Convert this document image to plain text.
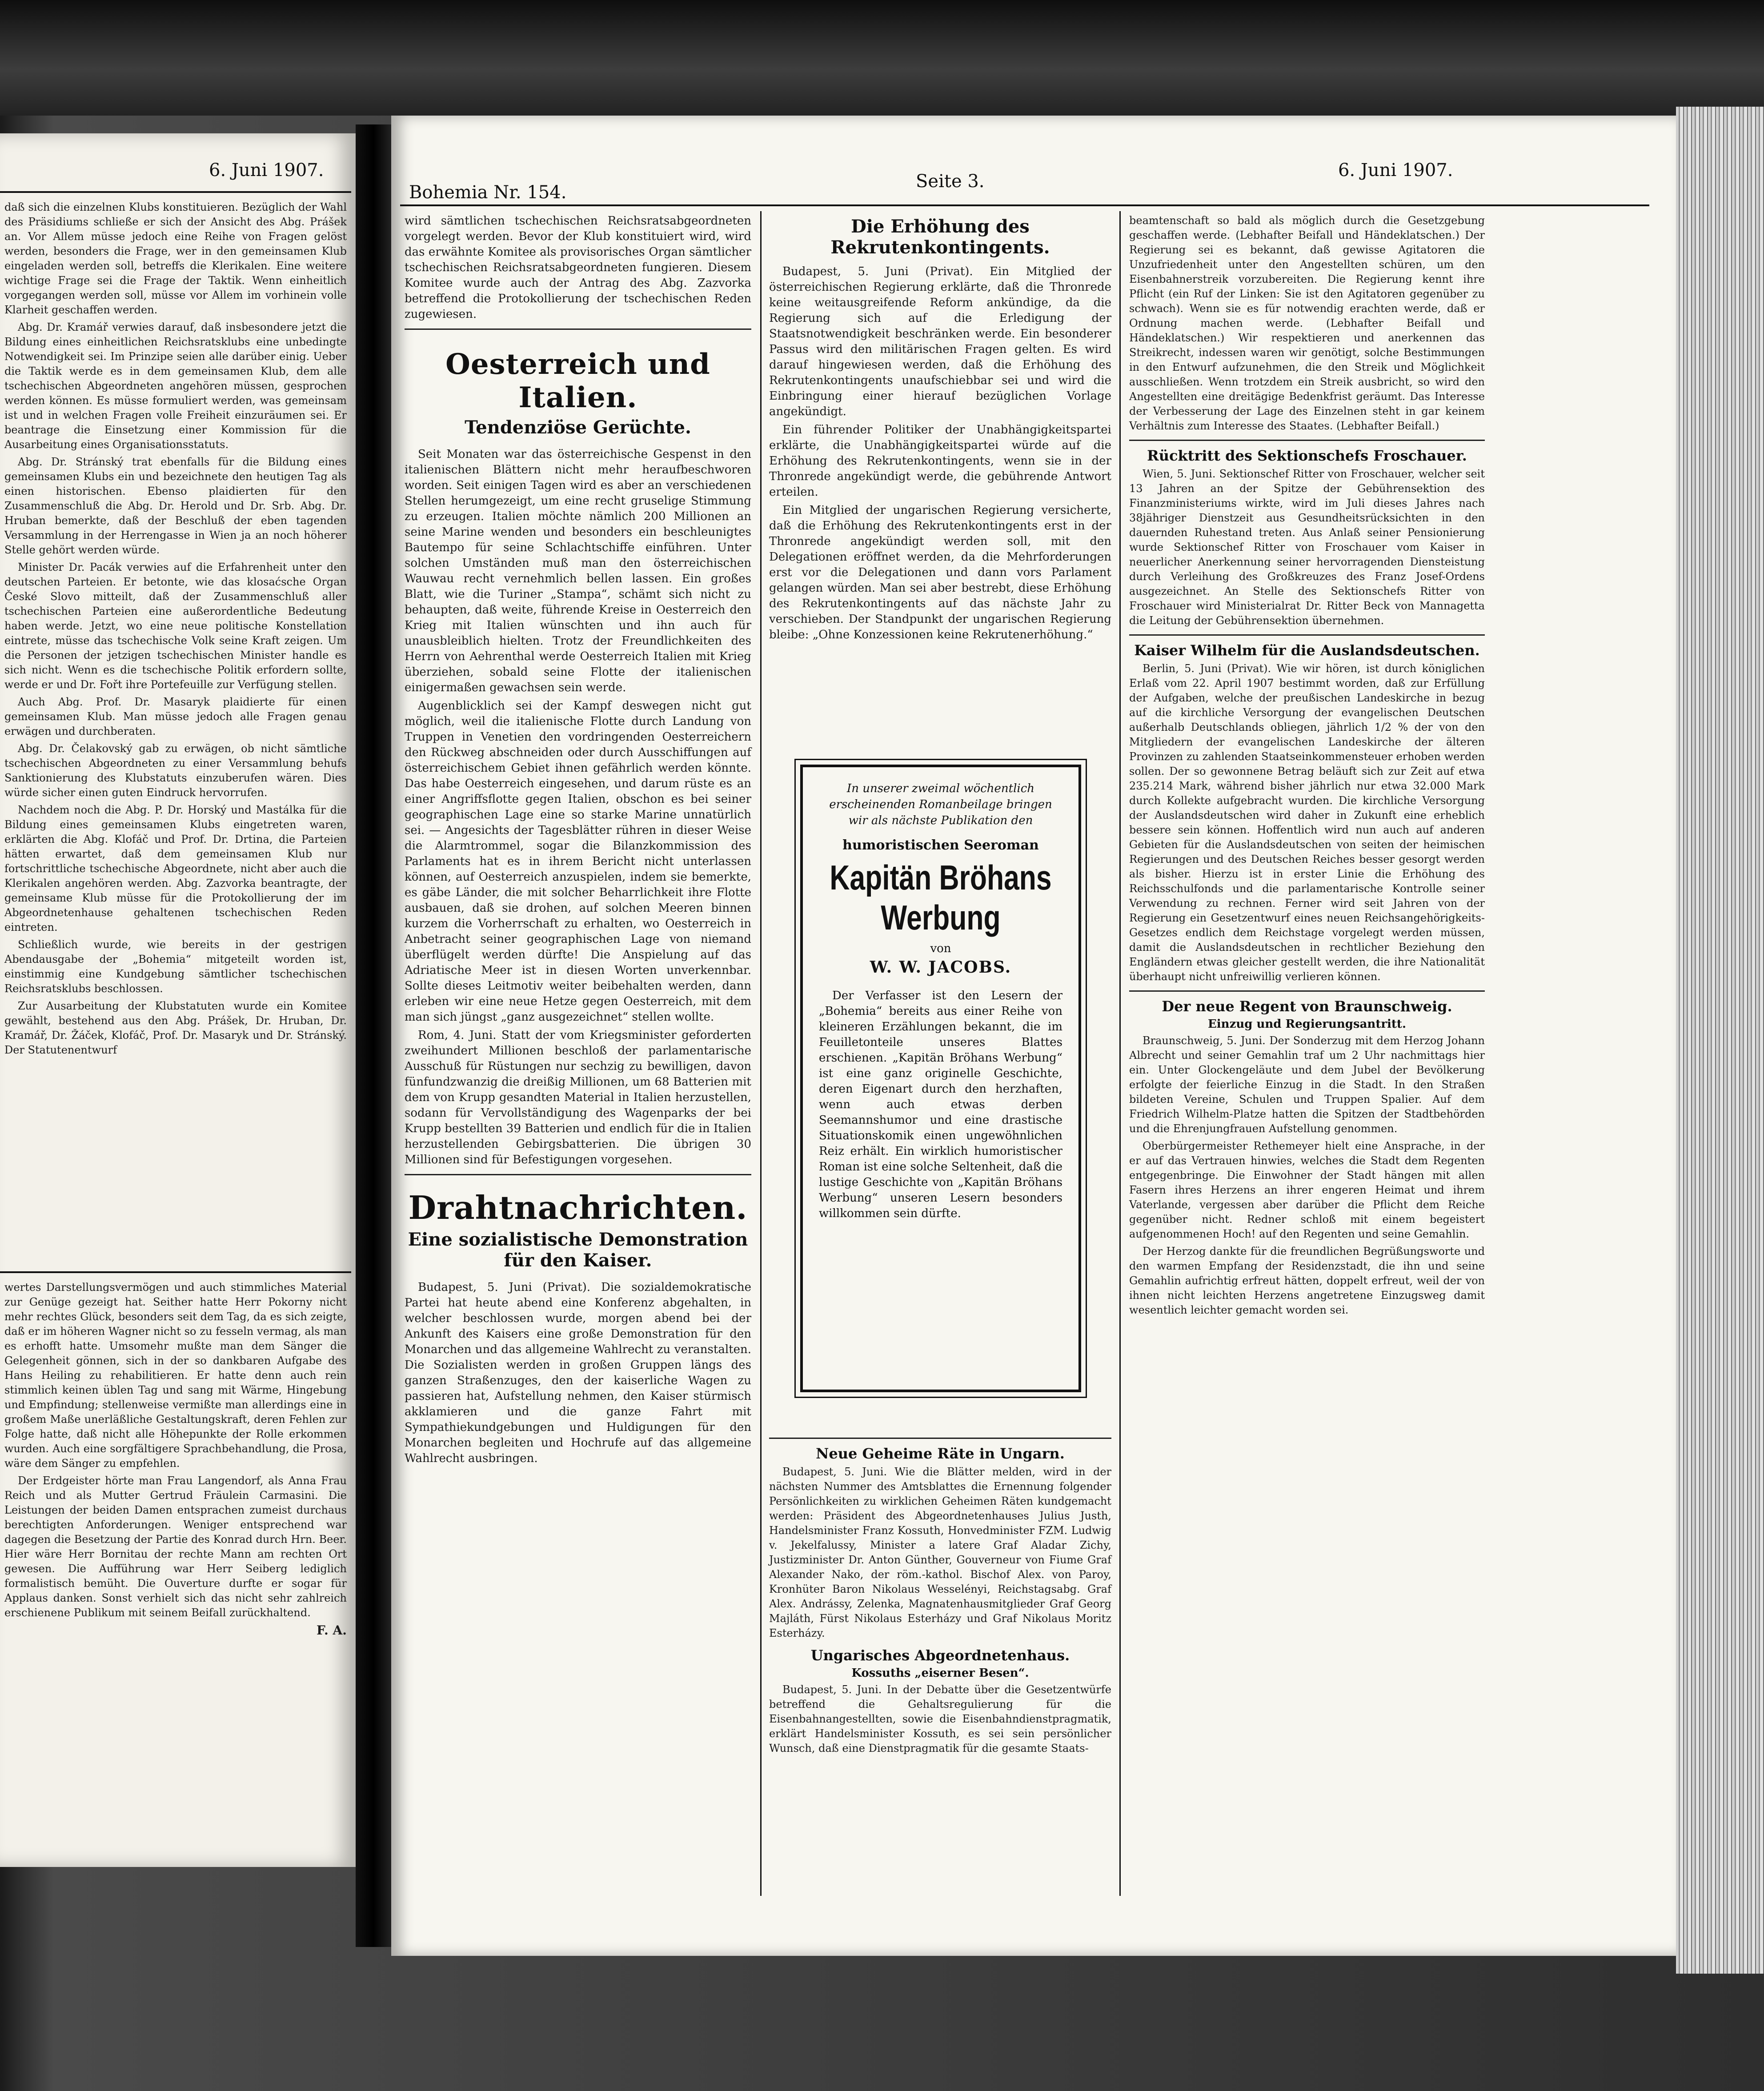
6. Juni 1907.

daß sich die einzelnen Klubs konstituieren. Bezüglich der Wahl des Präsidiums schließe er sich der Ansicht des Abg. Prášek an. Vor Allem müsse jedoch eine Reihe von Fragen gelöst werden, besonders die Frage, wer in den gemeinsamen Klub eingeladen werden soll, betreffs die Klerikalen. Eine weitere wichtige Frage sei die Frage der Taktik. Wenn einheitlich vorgegangen werden soll, müsse vor Allem im vorhinein volle Klarheit geschaffen werden.

Abg. Dr. Kramář verwies darauf, daß insbesondere jetzt die Bildung eines einheitlichen Reichsratsklubs eine unbedingte Notwendigkeit sei. Im Prinzipe seien alle darüber einig. Ueber die Taktik werde es in dem gemeinsamen Klub, dem alle tschechischen Abgeordneten angehören müssen, gesprochen werden können. Es müsse formuliert werden, was gemeinsam ist und in welchen Fragen volle Freiheit einzuräumen sei. Er beantrage die Einsetzung einer Kommission für die Ausarbeitung eines Organisationsstatuts.

Abg. Dr. Stránský trat ebenfalls für die Bildung eines gemeinsamen Klubs ein und bezeichnete den heutigen Tag als einen historischen. Ebenso plaidierten für den Zusammenschluß die Abg. Dr. Herold und Dr. Srb. Abg. Dr. Hruban bemerkte, daß der Beschluß der eben tagenden Versammlung in der Herrengasse in Wien ja an noch höherer Stelle gehört werden würde.

Minister Dr. Pacák verwies auf die Erfahrenheit unter den deutschen Parteien. Er betonte, wie das klosaćsche Organ České Slovo mitteilt, daß der Zusammenschluß aller tschechischen Parteien eine außerordentliche Bedeutung haben werde. Jetzt, wo eine neue politische Konstellation eintrete, müsse das tschechische Volk seine Kraft zeigen. Um die Personen der jetzigen tschechischen Minister handle es sich nicht. Wenn es die tschechische Politik erfordern sollte, werde er und Dr. Fořt ihre Portefeuille zur Verfügung stellen.

Auch Abg. Prof. Dr. Masaryk plaidierte für einen gemeinsamen Klub. Man müsse jedoch alle Fragen genau erwägen und durchberaten.

Abg. Dr. Čelakovský gab zu erwägen, ob nicht sämtliche tschechischen Abgeordneten zu einer Versammlung behufs Sanktionierung des Klubstatuts einzuberufen wären. Dies würde sicher einen guten Eindruck hervorrufen.

Nachdem noch die Abg. P. Dr. Horský und Mastálka für die Bildung eines gemeinsamen Klubs eingetreten waren, erklärten die Abg. Klofáč und Prof. Dr. Drtina, die Parteien hätten erwartet, daß dem gemeinsamen Klub nur fortschrittliche tschechische Abgeordnete, nicht aber auch die Klerikalen angehören werden. Abg. Zazvorka beantragte, der gemeinsame Klub müsse für die Protokollierung der im Abgeordnetenhause gehaltenen tschechischen Reden eintreten.

Schließlich wurde, wie bereits in der gestrigen Abendausgabe der „Bohemia“ mitgeteilt worden ist, einstimmig eine Kundgebung sämtlicher tschechischen Reichsratsklubs beschlossen.

Zur Ausarbeitung der Klubstatuten wurde ein Komitee gewählt, bestehend aus den Abg. Prášek, Dr. Hruban, Dr. Kramář, Dr. Žáček, Klofáč, Prof. Dr. Masaryk und Dr. Stránský. Der Statutenentwurf

wertes Darstellungsvermögen und auch stimmliches Material zur Genüge gezeigt hat. Seither hatte Herr Pokorny nicht mehr rechtes Glück, besonders seit dem Tag, da es sich zeigte, daß er im höheren Wagner nicht so zu fesseln vermag, als man es erhofft hatte. Umsomehr mußte man dem Sänger die Gelegenheit gönnen, sich in der so dankbaren Aufgabe des Hans Heiling zu rehabilitieren. Er hatte denn auch rein stimmlich keinen üblen Tag und sang mit Wärme, Hingebung und Empfindung; stellenweise vermißte man allerdings eine in großem Maße unerläßliche Gestaltungskraft, deren Fehlen zur Folge hatte, daß nicht alle Höhepunkte der Rolle erkommen wurden. Auch eine sorgfältigere Sprachbehandlung, die Prosa, wäre dem Sänger zu empfehlen.

Der Erdgeister hörte man Frau Langendorf, als Anna Frau Reich und als Mutter Gertrud Fräulein Carmasini. Die Leistungen der beiden Damen entsprachen zumeist durchaus berechtigten Anforderungen. Weniger entsprechend war dagegen die Besetzung der Partie des Konrad durch Hrn. Beer. Hier wäre Herr Bornitau der rechte Mann am rechten Ort gewesen. Die Aufführung war Herr Seiberg lediglich formalistisch bemüht. Die Ouverture durfte er sogar für Applaus danken. Sonst verhielt sich das nicht sehr zahlreich erschienene Publikum mit seinem Beifall zurückhaltend.

F. A.
Bohemia Nr. 154.
Seite 3.
6. Juni 1907.

wird sämtlichen tschechischen Reichsratsabgeordneten vorgelegt werden. Bevor der Klub konstituiert wird, wird das erwähnte Komitee als provisorisches Organ sämtlicher tschechischen Reichsratsabgeordneten fungieren. Diesem Komitee wurde auch der Antrag des Abg. Zazvorka betreffend die Protokollierung der tschechischen Reden zugewiesen.

Oesterreich und Italien.
Tendenziöse Gerüchte.

Seit Monaten war das österreichische Gespenst in den italienischen Blättern nicht mehr heraufbeschworen worden. Seit einigen Tagen wird es aber an verschiedenen Stellen herumgezeigt, um eine recht gruselige Stimmung zu erzeugen. Italien möchte nämlich 200 Millionen an seine Marine wenden und besonders ein beschleunigtes Bautempo für seine Schlachtschiffe einführen. Unter solchen Umständen muß man den österreichischen Wauwau recht vernehmlich bellen lassen. Ein großes Blatt, wie die Turiner „Stampa“, schämt sich nicht zu behaupten, daß weite, führende Kreise in Oesterreich den Krieg mit Italien wünschten und ihn auch für unausbleiblich hielten. Trotz der Freundlichkeiten des Herrn von Aehrenthal werde Oesterreich Italien mit Krieg überziehen, sobald seine Flotte der italienischen einigermaßen gewachsen sein werde.

Augenblicklich sei der Kampf deswegen nicht gut möglich, weil die italienische Flotte durch Landung von Truppen in Venetien den vordringenden Oesterreichern den Rückweg abschneiden oder durch Ausschiffungen auf österreichischem Gebiet ihnen gefährlich werden könnte. Das habe Oesterreich eingesehen, und darum rüste es an einer Angriffsflotte gegen Italien, obschon es bei seiner geographischen Lage eine so starke Marine unnatürlich sei. — Angesichts der Tagesblätter rühren in dieser Weise die Alarmtrommel, sogar die Bilanzkommission des Parlaments hat es in ihrem Bericht nicht unterlassen können, auf Oesterreich anzuspielen, indem sie bemerkte, es gäbe Länder, die mit solcher Beharrlichkeit ihre Flotte ausbauen, daß sie drohen, auf solchen Meeren binnen kurzem die Vorherrschaft zu erhalten, wo Oesterreich in Anbetracht seiner geographischen Lage von niemand überflügelt werden dürfte! Die Anspielung auf das Adriatische Meer ist in diesen Worten unverkennbar. Sollte dieses Leitmotiv weiter beibehalten werden, dann erleben wir eine neue Hetze gegen Oesterreich, mit dem man sich jüngst „ganz ausgezeichnet“ stellen wollte.

Rom, 4. Juni. Statt der vom Kriegsminister geforderten zweihundert Millionen beschloß der parlamentarische Ausschuß für Rüstungen nur sechzig zu bewilligen, davon fünfundzwanzig die dreißig Millionen, um 68 Batterien mit dem von Krupp gesandten Material in Italien herzustellen, sodann für Vervollständigung des Wagenparks der bei Krupp bestellten 39 Batterien und endlich für die in Italien herzustellenden Gebirgsbatterien. Die übrigen 30 Millionen sind für Befestigungen vorgesehen.

Drahtnachrichten.
Eine sozialistische Demonstration für den Kaiser.

Budapest, 5. Juni (Privat). Die sozialdemokratische Partei hat heute abend eine Konferenz abgehalten, in welcher beschlossen wurde, morgen abend bei der Ankunft des Kaisers eine große Demonstration für den Monarchen und das allgemeine Wahlrecht zu veranstalten. Die Sozialisten werden in großen Gruppen längs des ganzen Straßenzuges, den der kaiserliche Wagen zu passieren hat, Aufstellung nehmen, den Kaiser stürmisch akklamieren und die ganze Fahrt mit Sympathiekundgebungen und Huldigungen für den Monarchen begleiten und Hochrufe auf das allgemeine Wahlrecht ausbringen.

Die Erhöhung des Rekrutenkontingents.

Budapest, 5. Juni (Privat). Ein Mitglied der österreichischen Regierung erklärte, daß die Thronrede keine weitausgreifende Reform ankündige, da die Regierung sich auf die Erledigung der Staatsnotwendigkeit beschränken werde. Ein besonderer Passus wird den militärischen Fragen gelten. Es wird darauf hingewiesen werden, daß die Erhöhung des Rekrutenkontingents unaufschiebbar sei und wird die Einbringung einer hierauf bezüglichen Vorlage angekündigt.

Ein führender Politiker der Unabhängigkeitspartei erklärte, die Unabhängigkeitspartei würde auf die Erhöhung des Rekrutenkontingents, wenn sie in der Thronrede angekündigt werde, die gebührende Antwort erteilen.

Ein Mitglied der ungarischen Regierung versicherte, daß die Erhöhung des Rekrutenkontingents erst in der Thronrede angekündigt werden soll, mit den Delegationen eröffnet werden, da die Mehrforderungen erst vor die Delegationen und dann vors Parlament gelangen würden. Man sei aber bestrebt, diese Erhöhung des Rekrutenkontingents auf das nächste Jahr zu verschieben. Der Standpunkt der ungarischen Regierung bleibe: „Ohne Konzessionen keine Rekrutenerhöhung.“

In unserer zweimal wöchentlich erscheinenden Romanbeilage bringen wir als nächste Publikation den
humoristischen Seeroman
Kapitän Bröhans Werbung
von
W. W. JACOBS.
Der Verfasser ist den Lesern der „Bohemia“ bereits aus einer Reihe von kleineren Erzählungen bekannt, die im Feuilletonteile unseres Blattes erschienen. „Kapitän Bröhans Werbung“ ist eine ganz originelle Geschichte, deren Eigenart durch den herzhaften, wenn auch etwas derben Seemannshumor und eine drastische Situationskomik einen ungewöhnlichen Reiz erhält. Ein wirklich humoristischer Roman ist eine solche Seltenheit, daß die lustige Geschichte von „Kapitän Bröhans Werbung“ unseren Lesern besonders willkommen sein dürfte.
Neue Geheime Räte in Ungarn.

Budapest, 5. Juni. Wie die Blätter melden, wird in der nächsten Nummer des Amtsblattes die Ernennung folgender Persönlichkeiten zu wirklichen Geheimen Räten kundgemacht werden: Präsident des Abgeordnetenhauses Julius Justh, Handelsminister Franz Kossuth, Honvedminister FZM. Ludwig v. Jekelfalussy, Minister a latere Graf Aladar Zichy, Justizminister Dr. Anton Günther, Gouverneur von Fiume Graf Alexander Nako, der röm.-kathol. Bischof Alex. von Paroy, Kronhüter Baron Nikolaus Wesselényi, Reichstagsabg. Graf Alex. Andrássy, Zelenka, Magnatenhausmitglieder Graf Georg Majláth, Fürst Nikolaus Esterházy und Graf Nikolaus Moritz Esterházy.

Ungarisches Abgeordnetenhaus.
Kossuths „eiserner Besen“.

Budapest, 5. Juni. In der Debatte über die Gesetzentwürfe betreffend die Gehaltsregulierung für die Eisenbahnangestellten, sowie die Eisenbahndienstpragmatik, erklärt Handelsminister Kossuth, es sei sein persönlicher Wunsch, daß eine Dienstpragmatik für die gesamte Staats-

beamtenschaft so bald als möglich durch die Gesetzgebung geschaffen werde. (Lebhafter Beifall und Händeklatschen.) Der Regierung sei es bekannt, daß gewisse Agitatoren die Unzufriedenheit unter den Angestellten schüren, um den Eisenbahnerstreik vorzubereiten. Die Regierung kennt ihre Pflicht (ein Ruf der Linken: Sie ist den Agitatoren gegenüber zu schwach). Wenn sie es für notwendig erachten werde, daß er Ordnung machen werde. (Lebhafter Beifall und Händeklatschen.) Wir respektieren und anerkennen das Streikrecht, indessen waren wir genötigt, solche Bestimmungen in den Entwurf aufzunehmen, die den Streik und Möglichkeit ausschließen. Wenn trotzdem ein Streik ausbricht, so wird den Angestellten eine dreitägige Bedenkfrist geräumt. Das Interesse der Verbesserung der Lage des Einzelnen steht in gar keinem Verhältnis zum Interesse des Staates. (Lebhafter Beifall.)

Rücktritt des Sektionschefs Froschauer.

Wien, 5. Juni. Sektionschef Ritter von Froschauer, welcher seit 13 Jahren an der Spitze der Gebührensektion des Finanzministeriums wirkte, wird im Juli dieses Jahres nach 38jähriger Dienstzeit aus Gesundheitsrücksichten in den dauernden Ruhestand treten. Aus Anlaß seiner Pensionierung wurde Sektionschef Ritter von Froschauer vom Kaiser in neuerlicher Anerkennung seiner hervorragenden Diensteistung durch Verleihung des Großkreuzes des Franz Josef-Ordens ausgezeichnet. An Stelle des Sektionschefs Ritter von Froschauer wird Ministerialrat Dr. Ritter Beck von Mannagetta die Leitung der Gebührensektion übernehmen.

Kaiser Wilhelm für die Auslandsdeutschen.

Berlin, 5. Juni (Privat). Wie wir hören, ist durch königlichen Erlaß vom 22. April 1907 bestimmt worden, daß zur Erfüllung der Aufgaben, welche der preußischen Landeskirche in bezug auf die kirchliche Versorgung der evangelischen Deutschen außerhalb Deutschlands obliegen, jährlich 1/2 % der von den Mitgliedern der evangelischen Landeskirche der älteren Provinzen zu zahlenden Staatseinkommensteuer erhoben werden sollen. Der so gewonnene Betrag beläuft sich zur Zeit auf etwa 235.214 Mark, während bisher jährlich nur etwa 32.000 Mark durch Kollekte aufgebracht wurden. Die kirchliche Versorgung der Auslandsdeutschen wird daher in Zukunft eine erheblich bessere sein können. Hoffentlich wird nun auch auf anderen Gebieten für die Auslandsdeutschen von seiten der heimischen Regierungen und des Deutschen Reiches besser gesorgt werden als bisher. Hierzu ist in erster Linie die Erhöhung des Reichsschulfonds und die parlamentarische Kontrolle seiner Verwendung zu rechnen. Ferner wird seit Jahren von der Regierung ein Gesetzentwurf eines neuen Reichsangehörigkeits-Gesetzes endlich dem Reichstage vorgelegt werden müssen, damit die Auslandsdeutschen in rechtlicher Beziehung den Engländern etwas gleicher gestellt werden, die ihre Nationalität überhaupt nicht unfreiwillig verlieren können.

Der neue Regent von Braunschweig.
Einzug und Regierungsantritt.

Braunschweig, 5. Juni. Der Sonderzug mit dem Herzog Johann Albrecht und seiner Gemahlin traf um 2 Uhr nachmittags hier ein. Unter Glockengeläute und dem Jubel der Bevölkerung erfolgte der feierliche Einzug in die Stadt. In den Straßen bildeten Vereine, Schulen und Truppen Spalier. Auf dem Friedrich Wilhelm-Platze hatten die Spitzen der Stadtbehörden und die Ehrenjungfrauen Aufstellung genommen.

Oberbürgermeister Rethemeyer hielt eine Ansprache, in der er auf das Vertrauen hinwies, welches die Stadt dem Regenten entgegenbringe. Die Einwohner der Stadt hängen mit allen Fasern ihres Herzens an ihrer engeren Heimat und ihrem Vaterlande, vergessen aber darüber die Pflicht dem Reiche gegenüber nicht. Redner schloß mit einem begeistert aufgenommenen Hoch! auf den Regenten und seine Gemahlin.

Der Herzog dankte für die freundlichen Begrüßungsworte und den warmen Empfang der Residenzstadt, die ihn und seine Gemahlin aufrichtig erfreut hätten, doppelt erfreut, weil der von ihnen nicht leichten Herzens angetretene Einzugsweg damit wesentlich leichter gemacht worden sei.
